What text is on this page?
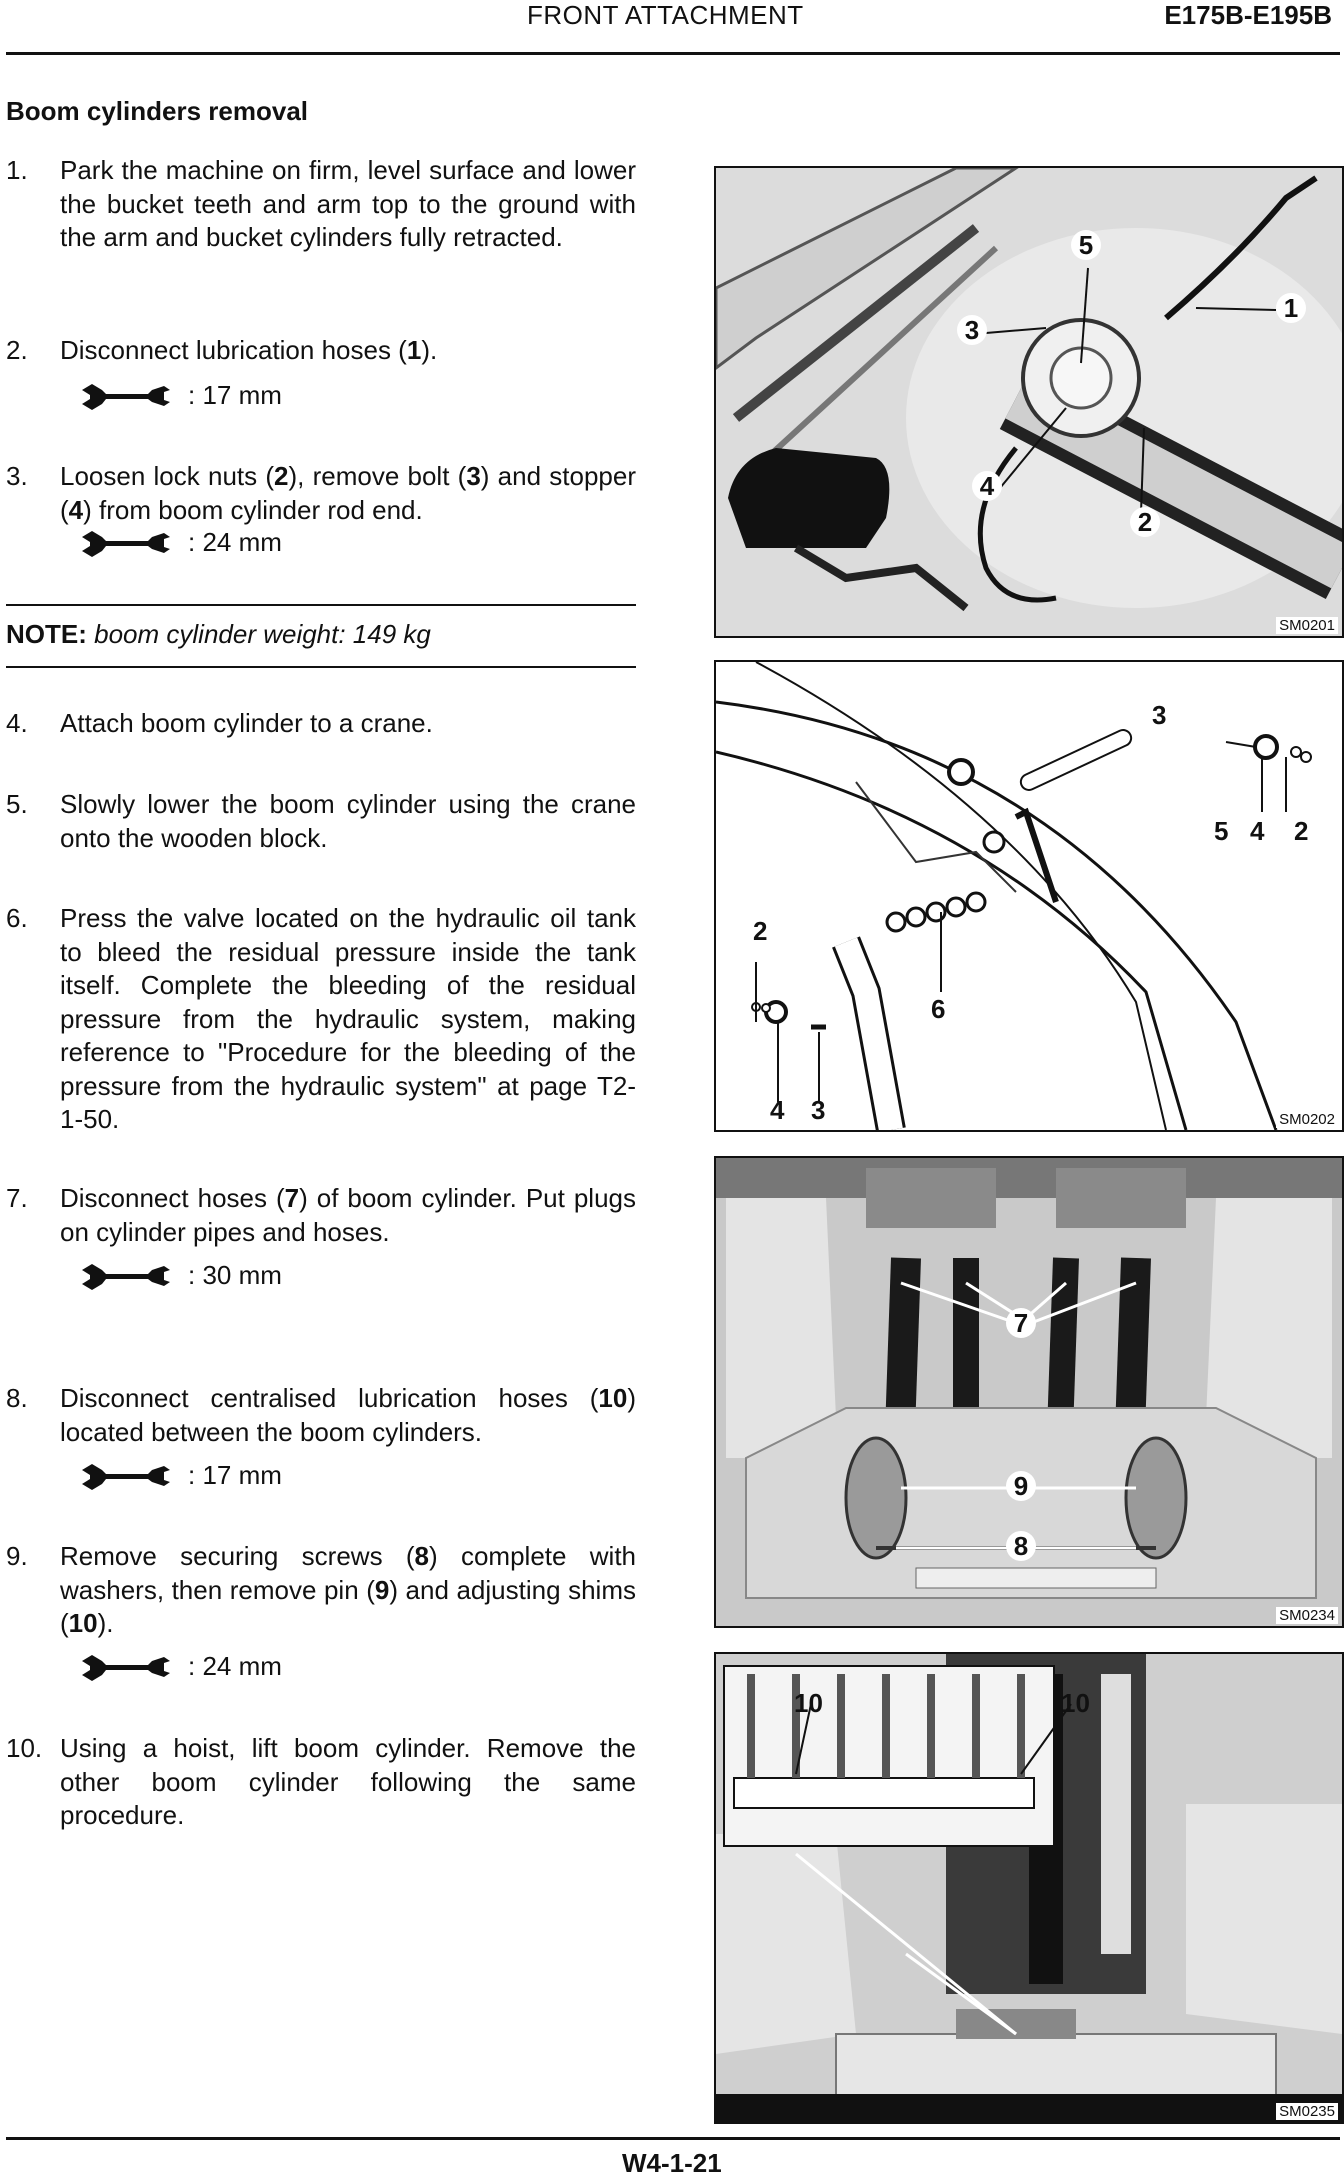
FRONT ATTACHMENT	E175B-E195B
Boom cylinders removal
1. Park the machine on firm, level surface and lower the bucket teeth and arm top to the ground with the arm and bucket cylinders fully retracted.
2. Disconnect lubrication hoses (1).
: 17 mm
3. Loosen lock nuts (2), remove bolt (3) and stopper (4) from boom cylinder rod end.
: 24 mm
NOTE: boom cylinder weight: 149 kg
4. Attach boom cylinder to a crane.
5. Slowly lower the boom cylinder using the crane onto the wooden block.
6. Press the valve located on the hydraulic oil tank to bleed the residual pressure inside the tank itself. Complete the bleeding of the residual pressure from the hydraulic system, making reference to "Procedure for the bleeding of the pressure from the hydraulic system" at page T2-1-50.
7. Disconnect hoses (7) of boom cylinder. Put plugs on cylinder pipes and hoses.
: 30 mm
8. Disconnect centralised lubrication hoses (10) located between the boom cylinders.
: 17 mm
9. Remove securing screws (8) complete with washers, then remove pin (9) and adjusting shims (10).
: 24 mm
10. Using a hoist, lift boom cylinder. Remove the other boom cylinder following the same procedure.
5
3
1
4
2
SM0201
3
5 4 2
2
6
4 3	SM0202
7
9
8
SM0234
10	10
SM0235
W4-1-21
